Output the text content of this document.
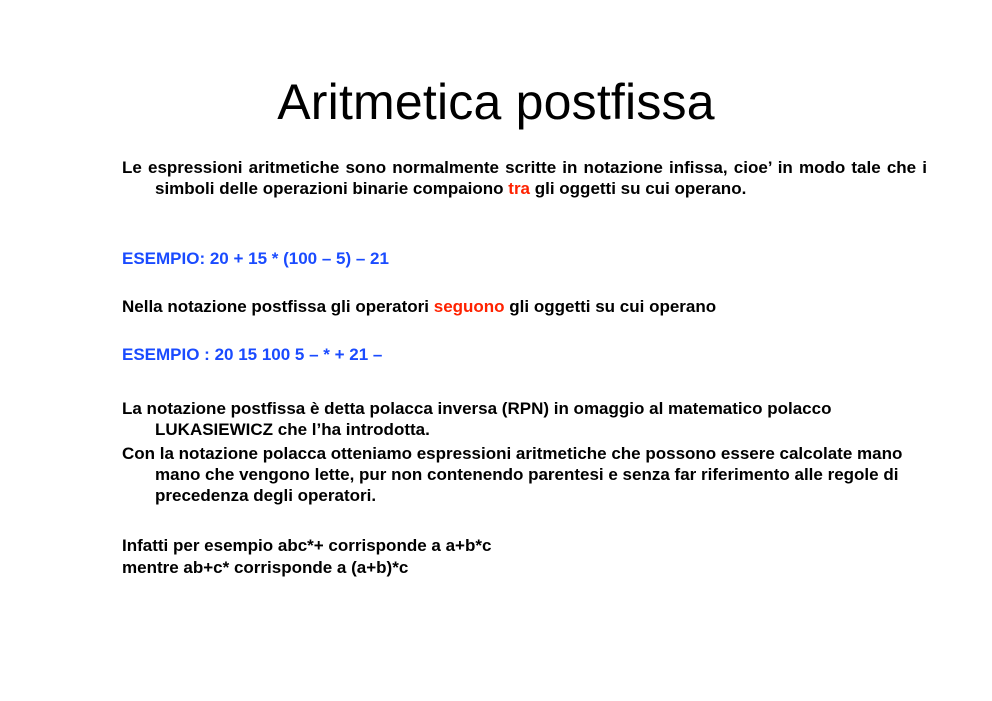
Aritmetica postfissa

Le espressioni aritmetiche sono normalmente scritte in notazione infissa, cioe’ in modo tale che i simboli delle operazioni binarie compaiono tra gli oggetti su cui operano.

ESEMPIO: 20 + 15 * (100 – 5) – 21

Nella notazione postfissa gli operatori seguono gli oggetti su cui operano

ESEMPIO : 20 15 100 5 – * + 21 –

La notazione postfissa è detta polacca inversa (RPN) in omaggio al matematico polacco LUKASIEWICZ che l’ha introdotta.

Con la notazione polacca otteniamo espressioni aritmetiche che possono essere calcolate mano mano che vengono lette, pur non contenendo parentesi e senza far riferimento alle regole di precedenza degli operatori.

Infatti per esempio abc*+ corrisponde a a+b*c

mentre ab+c* corrisponde a (a+b)*c
